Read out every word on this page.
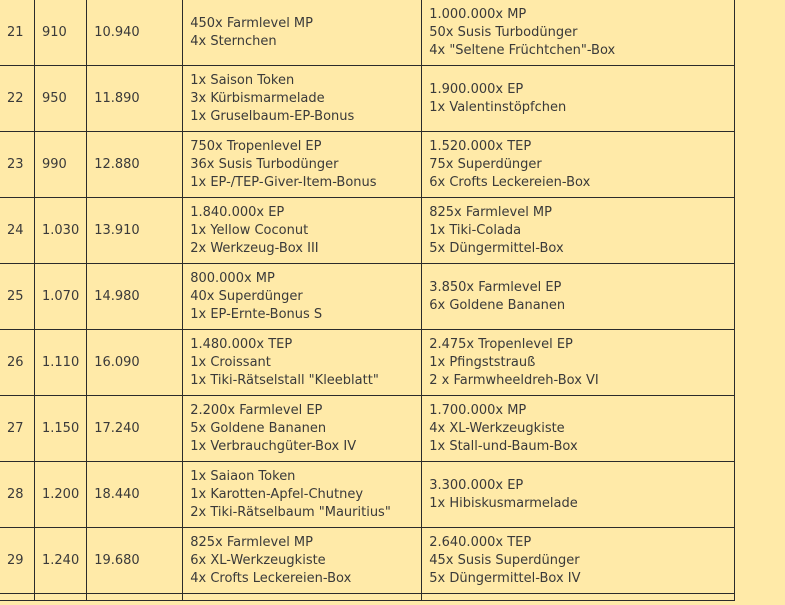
21	910	10.940	450x Farmlevel MP
4x Sternchen	1.000.000x MP
50x Susis Turbodünger
4x "Seltene Früchtchen"-Box

22	950	11.890	1x Saison Token
3x Kürbismarmelade
1x Gruselbaum-EP-Bonus	1.900.000x EP
1x Valentinstöpfchen

23	990	12.880	750x Tropenlevel EP
36x Susis Turbodünger
1x EP-/TEP-Giver-Item-Bonus	1.520.000x TEP
75x Superdünger
6x Crofts Leckereien-Box

24	1.030	13.910	1.840.000x EP
1x Yellow Coconut
2x Werkzeug-Box III	825x Farmlevel MP
1x Tiki-Colada
5x Düngermittel-Box

25	1.070	14.980	800.000x MP
40x Superdünger
1x EP-Ernte-Bonus S	3.850x Farmlevel EP
6x Goldene Bananen

26	1.110	16.090	1.480.000x TEP
1x Croissant
1x Tiki-Rätselstall "Kleeblatt"	2.475x Tropenlevel EP
1x Pfingststrauß
2 x Farmwheeldreh-Box VI

27	1.150	17.240	2.200x Farmlevel EP
5x Goldene Bananen
1x Verbrauchgüter-Box IV	1.700.000x MP
4x XL-Werkzeugkiste
1x Stall-und-Baum-Box

28	1.200	18.440	1x Saiaon Token
1x Karotten-Apfel-Chutney
2x Tiki-Rätselbaum "Mauritius"	3.300.000x EP
1x Hibiskusmarmelade

29	1.240	19.680	825x Farmlevel MP
6x XL-Werkzeugkiste
4x Crofts Leckereien-Box	2.640.000x TEP
45x Susis Superdünger
5x Düngermittel-Box IV
